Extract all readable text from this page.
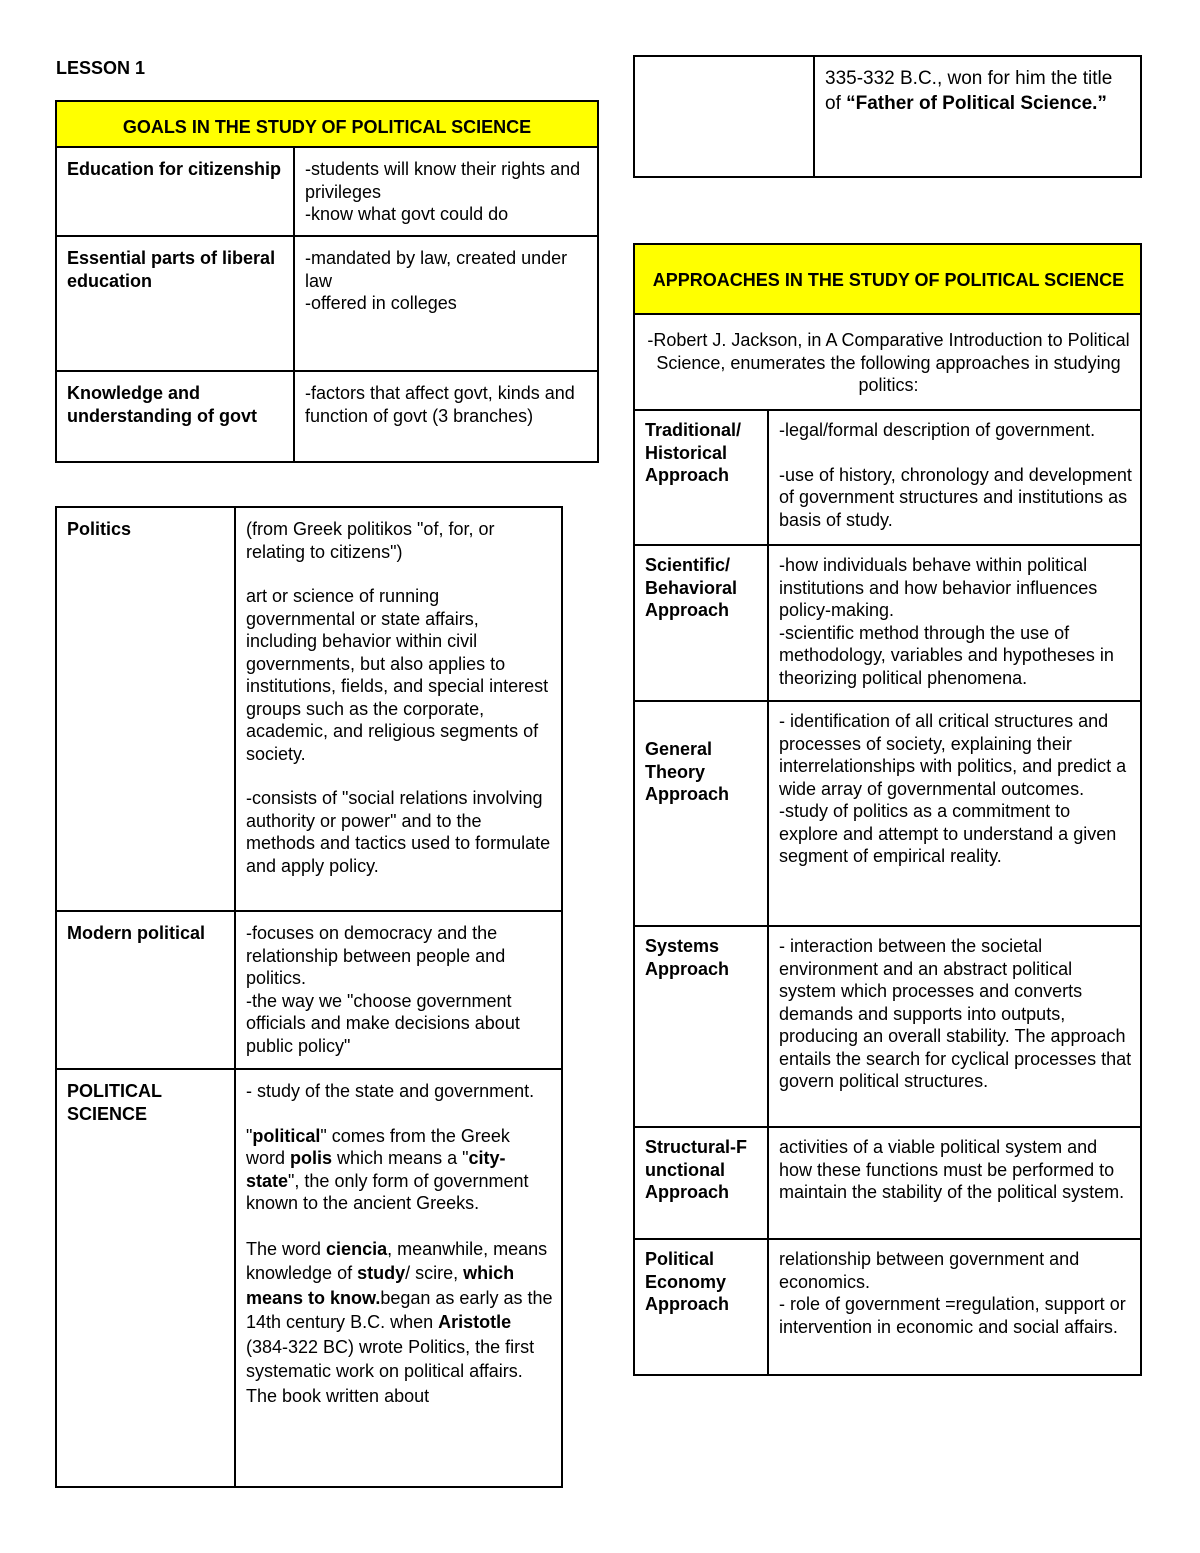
LESSON 1
GOALS IN THE STUDY OF POLITICAL SCIENCE	
Education for citizenship	-students will know their rights and privileges

-know what govt could do

Essential parts of liberal education	-mandated by law, created under law

-offered in colleges

Knowledge and understanding of govt	-factors that affect govt, kinds and function of govt (3 branches)

Politics	(from Greek politikos "of, for, or relating to citizens")

art or science of running governmental or state affairs, including behavior within civil governments, but also applies to institutions, fields, and special interest groups such as the corporate, academic, and religious segments of society.

-consists of "social relations involving authority or power" and to the methods and tactics used to formulate and apply policy.

Modern political	-focuses on democracy and the relationship between people and politics.

-the way we "choose government officials and make decisions about public policy"

POLITICAL SCIENCE	- study of the state and government.

"political" comes from the Greek word polis which means a "city-state", the only form of government known to the ancient Greeks.

The word ciencia, meanwhile, means knowledge of study/ scire, which means to know.began as early as the 14th century B.C. when Aristotle (384-322 BC) wrote Politics, the first systematic work on political affairs. The book written about

	335-332 B.C., won for him the title of “Father of Political Science.”
APPROACHES IN THE STUDY OF POLITICAL SCIENCE	
-Robert J. Jackson, in A Comparative Introduction to Political Science, enumerates the following approaches in studying politics:	
Traditional/ Historical Approach	-legal/formal description of government.

-use of history, chronology and development of government structures and institutions as basis of study.

Scientific/ Behavioral Approach	-how individuals behave within political institutions and how behavior influences policy-making.

-scientific method through the use of methodology, variables and hypotheses in theorizing political phenomena.

General Theory Approach	- identification of all critical structures and processes of society, explaining their interrelationships with politics, and predict a wide array of governmental outcomes.

-study of politics as a commitment to explore and attempt to understand a given segment of empirical reality.

Systems Approach	- interaction between the societal environment and an abstract political system which processes and converts demands and supports into outputs, producing an overall stability. The approach entails the search for cyclical processes that govern political structures.

Structural-F unctional Approach	activities of a viable political system and how these functions must be performed to maintain the stability of the political system.

Political Economy Approach	relationship between government and economics.

- role of government =regulation, support or intervention in economic and social affairs.
